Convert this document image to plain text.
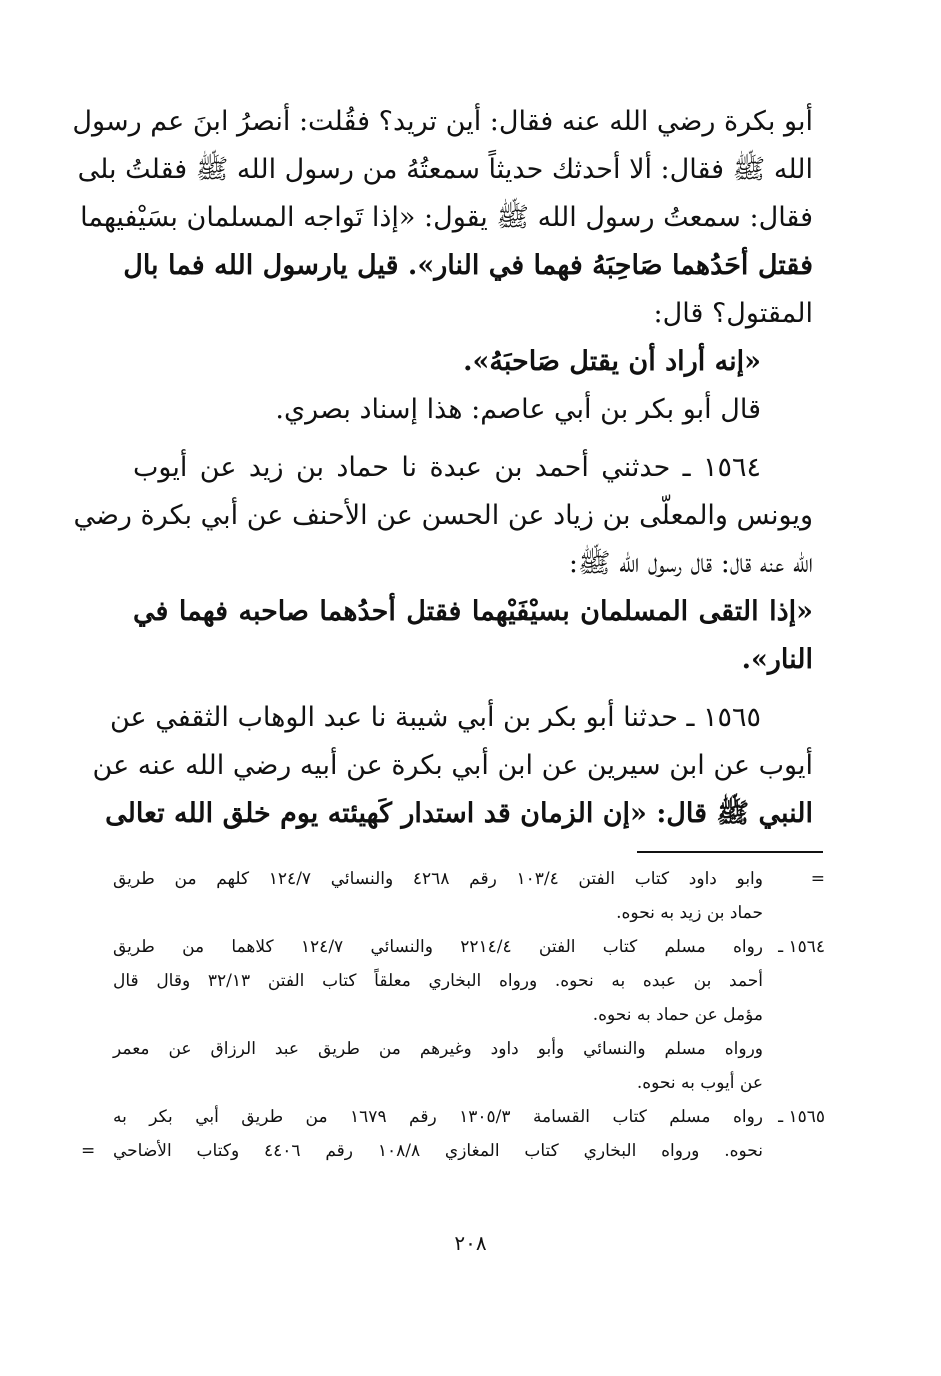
أبو بكرة رضي الله عنه فقال: أين تريد؟ فقُلت: أنصرُ ابنَ عم رسول
الله ﷺ فقال: ألا أحدثك حديثاً سمعتُهُ من رسول الله ﷺ فقلتُ بلى
فقال: سمعتُ رسول الله ﷺ يقول: «إذا تَواجه المسلمان بسَيْفيهما
فقتل أحَدُهما صَاحِبَهُ فهما في النار». قيل يارسول الله فما بال
المقتول؟ قال:
«إنه أراد أن يقتل صَاحبَهُ».
قال أبو بكر بن أبي عاصم: هذا إسناد بصري.
١٥٦٤ ـ حدثني أحمد بن عبدة نا حماد بن زيد عن أيوب
ويونس والمعلّى بن زياد عن الحسن عن الأحنف عن أبي بكرة رضي
الله عنه قال: قال رسول الله ﷺ:
«إذا التقى المسلمان بسيْفَيْهما فقتل أحدُهما صاحبه فهما في
النار».
١٥٦٥ ـ حدثنا أبو بكر بن أبي شيبة نا عبد الوهاب الثقفي عن
أيوب عن ابن سيرين عن ابن أبي بكرة عن أبيه رضي الله عنه عن
النبي ﷺ قال: «إن الزمان قد استدار كَهيئته يوم خلق الله تعالى
=
وابو داود كتاب الفتن ١٠٣/٤ رقم ٤٢٦٨ والنسائي ١٢٤/٧ كلهم من طريق
حماد بن زيد به نحوه.
١٥٦٤ ـ
رواه مسلم كتاب الفتن ٢٢١٤/٤ والنسائي ١٢٤/٧ كلاهما من طريق
أحمد بن عبده به نحوه. ورواه البخاري معلقاً كتاب الفتن ٣٢/١٣ وقال قال
مؤمل عن حماد به نحوه.
ورواه مسلم والنسائي وأبو داود وغيرهم من طريق عبد الرزاق عن معمر
عن أيوب به نحوه.
١٥٦٥ ـ
رواه مسلم كتاب القسامة ١٣٠٥/٣ رقم ١٦٧٩ من طريق أبي بكر به
نحوه. ورواه البخاري كتاب المغازي ١٠٨/٨ رقم ٤٤٠٦ وكتاب الأضاحي
=
٢٠٨
